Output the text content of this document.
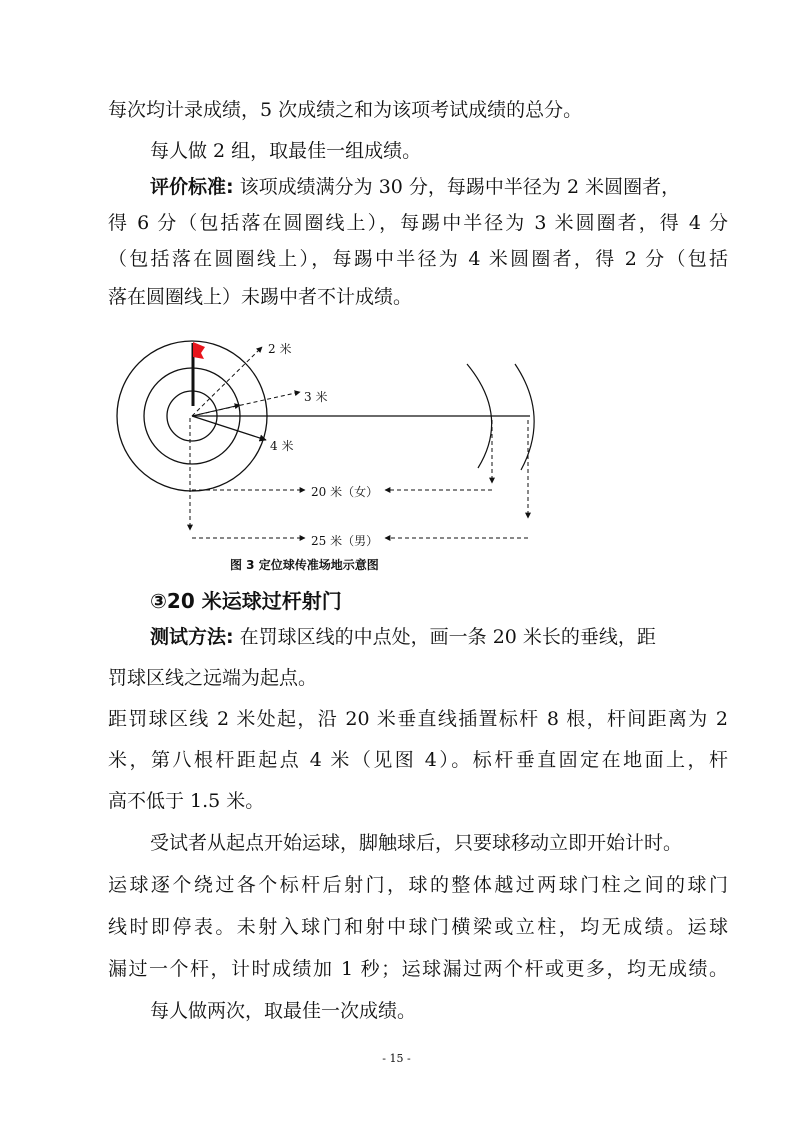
每次均计录成绩，5 次成绩之和为该项考试成绩的总分。
每人做 2 组，取最佳一组成绩。
评价标准: 该项成绩满分为 30 分，每踢中半径为 2 米圆圈者，
得 6 分（包括落在圆圈线上），每踢中半径为 3 米圆圈者，得 4 分
（包括落在圆圈线上），每踢中半径为 4 米圆圈者，得 2 分（包括
落在圆圈线上）未踢中者不计成绩。
2 米
3 米
4 米
20 米（女）
25 米（男）
图 3 定位球传准场地示意图
③20 米运球过杆射门
测试方法: 在罚球区线的中点处，画一条 20 米长的垂线，距
罚球区线之远端为起点。
距罚球区线 2 米处起，沿 20 米垂直线插置标杆 8 根，杆间距离为 2
米，第八根杆距起点 4 米（见图 4）。标杆垂直固定在地面上，杆
高不低于 1.5 米。
受试者从起点开始运球，脚触球后，只要球移动立即开始计时。
运球逐个绕过各个标杆后射门，球的整体越过两球门柱之间的球门
线时即停表。未射入球门和射中球门横梁或立柱，均无成绩。运球
漏过一个杆，计时成绩加 1 秒；运球漏过两个杆或更多，均无成绩。
每人做两次，取最佳一次成绩。
- 15 -
